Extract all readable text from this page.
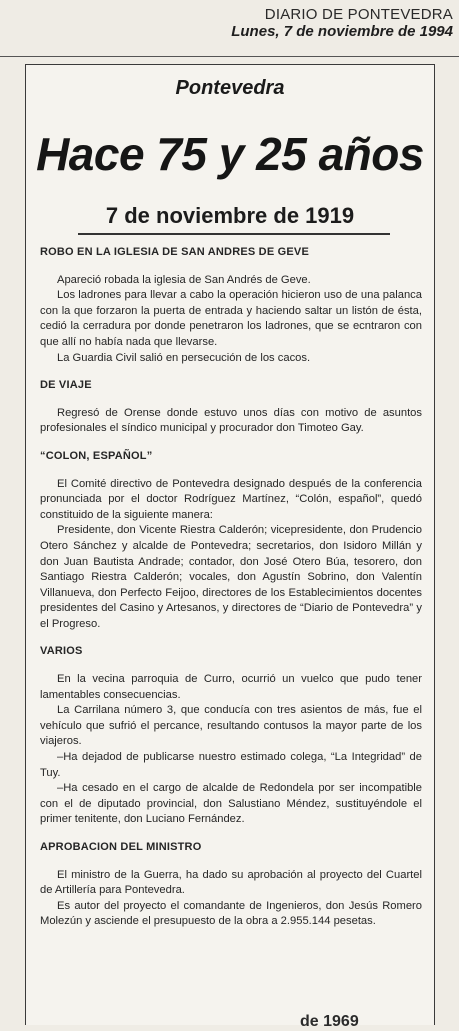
DIARIO DE PONTEVEDRA
Lunes, 7 de noviembre de 1994
Pontevedra
Hace 75 y 25 años
7 de noviembre de 1919
ROBO EN LA IGLESIA DE SAN ANDRES DE GEVE

Apareció robada la iglesia de San Andrés de Geve.

Los ladrones para llevar a cabo la operación hicieron uso de una palanca con la que forzaron la puerta de entrada y haciendo saltar un listón de ésta, cedió la cerradura por donde penetraron los ladrones, que se ecntraron con que allí no había nada que llevarse.

La Guardia Civil salió en persecución de los cacos.

DE VIAJE

Regresó de Orense donde estuvo unos días con motivo de asuntos profesionales el síndico municipal y procurador don Timoteo Gay.

“COLON, ESPAÑOL”

El Comité directivo de Pontevedra designado después de la conferencia pronunciada por el doctor Rodríguez Martínez, “Colón, español”, quedó constituido de la siguiente manera:

Presidente, don Vicente Riestra Calderón; vicepresidente, don Prudencio Otero Sánchez y alcalde de Pontevedra; secretarios, don Isidoro Millán y don Juan Bautista Andrade; contador, don José Otero Búa, tesorero, don Santiago Riestra Calderón; vocales, don Agustín Sobrino, don Valentín Villanueva, don Perfecto Feijoo, directores de los Establecimientos docentes presidentes del Casino y Artesanos, y directores de “Diario de Pontevedra” y el Progreso.

VARIOS

En la vecina parroquia de Curro, ocurrió un vuelco que pudo tener lamentables consecuencias.

La Carrilana número 3, que conducía con tres asientos de más, fue el vehículo que sufrió el percance, resultando contusos la mayor parte de los viajeros.

–Ha dejadod de publicarse nuestro estimado colega, “La Integridad” de Tuy.

–Ha cesado en el cargo de alcalde de Redondela por ser incompatible con el de diputado provincial, don Salustiano Méndez, sustituyéndole el primer tenitente, don Luciano Fernández.

APROBACION DEL MINISTRO

El ministro de la Guerra, ha dado su aprobación al proyecto del Cuartel de Artillería para Pontevedra.

Es autor del proyecto el comandante de Ingenieros, don Jesús Romero Molezún y asciende el presupuesto de la obra a 2.955.144 pesetas.

de 1969
